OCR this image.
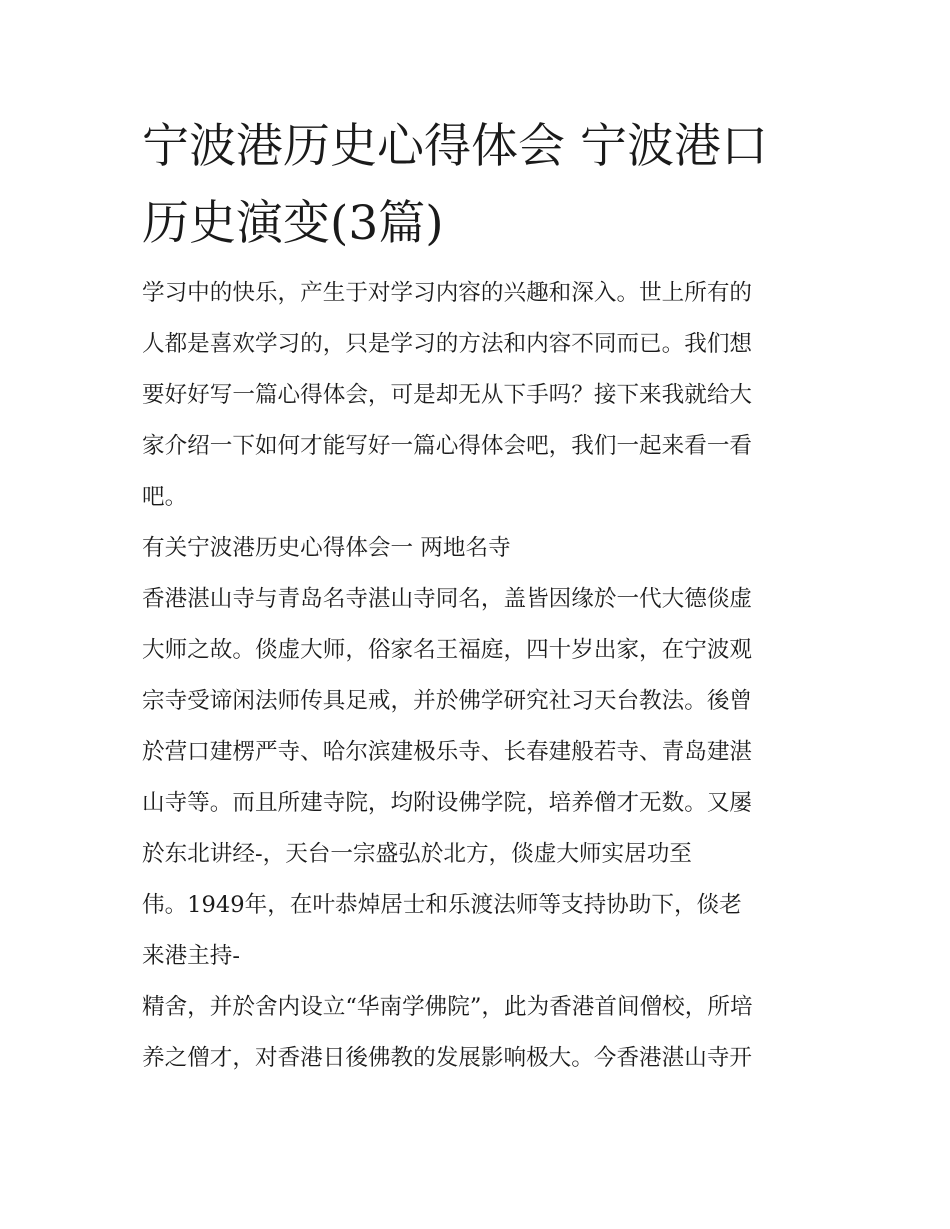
宁波港历史心得体会 宁波港口
历史演变(3篇)
学习中的快乐，产生于对学习内容的兴趣和深入。世上所有的
人都是喜欢学习的，只是学习的方法和内容不同而已。我们想
要好好写一篇心得体会，可是却无从下手吗？接下来我就给大
家介绍一下如何才能写好一篇心得体会吧，我们一起来看一看
吧。
有关宁波港历史心得体会一 两地名寺
香港湛山寺与青岛名寺湛山寺同名，盖皆因缘於一代大德倓虚
大师之故。倓虚大师，俗家名王福庭，四十岁出家，在宁波观
宗寺受谛闲法师传具足戒，并於佛学研究社习天台教法。後曾
於营口建楞严寺、哈尔滨建极乐寺、长春建般若寺、青岛建湛
山寺等。而且所建寺院，均附设佛学院，培养僧才无数。又屡
於东北讲经-，天台一宗盛弘於北方，倓虚大师实居功至
伟。1949年，在叶恭焯居士和乐渡法师等支持协助下，倓老
来港主持-
精舍，并於舍内设立“华南学佛院”，此为香港首间僧校，所培
养之僧才，对香港日後佛教的发展影响极大。今香港湛山寺开
